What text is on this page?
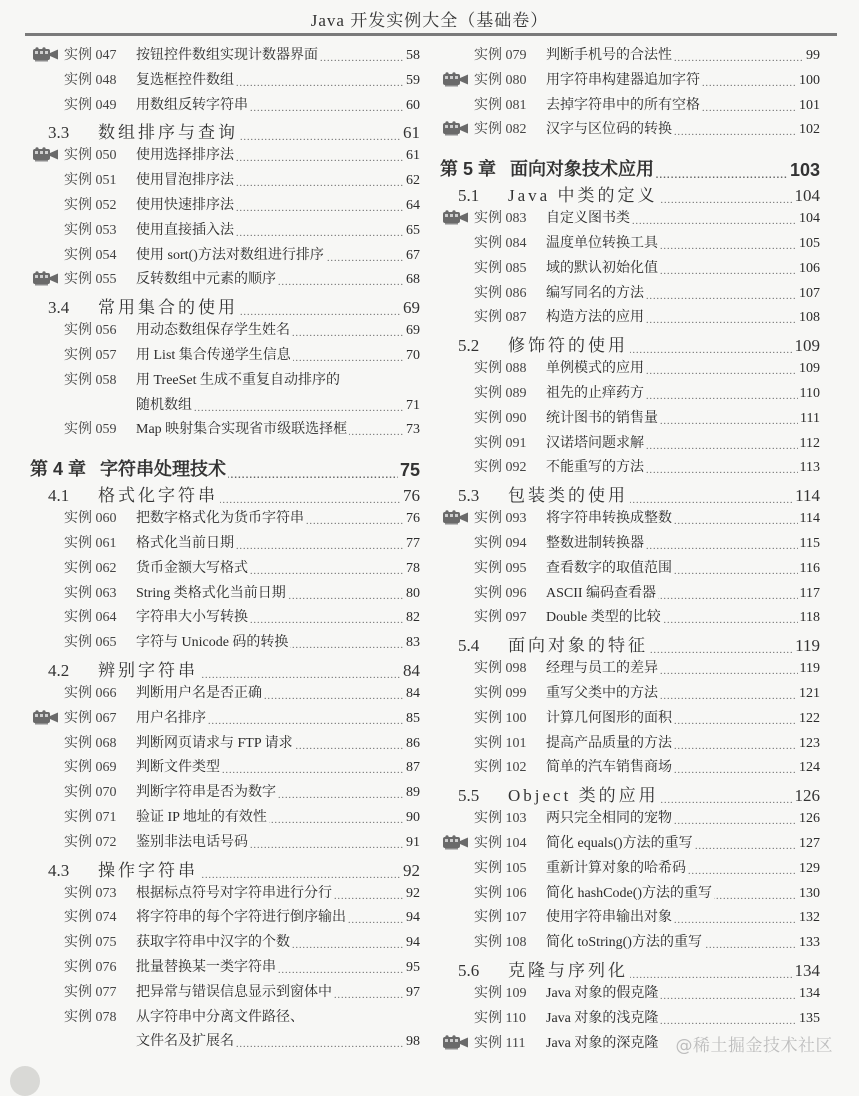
Java 开发实例大全（基础卷）
实例 047	按钮控件数组实现计数器界面 .....	58
实例 048	复选框控件数组 .....	59
实例 049	用数组反转字符串 .....	60
3.3	数组排序与查询 .....	61
实例 050	使用选择排序法 .....	61
实例 051	使用冒泡排序法 .....	62
实例 052	使用快速排序法 .....	64
实例 053	使用直接插入法 .....	65
实例 054	使用 sort()方法对数组进行排序 .....	67
实例 055	反转数组中元素的顺序 .....	68
3.4	常用集合的使用 .....	69
实例 056	用动态数组保存学生姓名 .....	69
实例 057	用 List 集合传递学生信息 .....	70
实例 058	用 TreeSet 生成不重复自动排序的
随机数组 .....	71
实例 059	Map 映射集合实现省市级联选择框 .....	73
第 4 章 字符串处理技术 .....	75
4.1	格式化字符串 .....	76
实例 060	把数字格式化为货币字符串 .....	76
实例 061	格式化当前日期 .....	77
实例 062	货币金额大写格式 .....	78
实例 063	String 类格式化当前日期 .....	80
实例 064	字符串大小写转换 .....	82
实例 065	字符与 Unicode 码的转换 .....	83
4.2	辨别字符串 .....	84
实例 066	判断用户名是否正确 .....	84
实例 067	用户名排序 .....	85
实例 068	判断网页请求与 FTP 请求 .....	86
实例 069	判断文件类型 .....	87
实例 070	判断字符串是否为数字 .....	89
实例 071	验证 IP 地址的有效性 .....	90
实例 072	鉴别非法电话号码 .....	91
4.3	操作字符串 .....	92
实例 073	根据标点符号对字符串进行分行 .....	92
实例 074	将字符串的每个字符进行倒序输出 .....	94
实例 075	获取字符串中汉字的个数 .....	94
实例 076	批量替换某一类字符串 .....	95
实例 077	把异常与错误信息显示到窗体中 .....	97
实例 078	从字符串中分离文件路径、
文件名及扩展名 .....	98
实例 079	判断手机号的合法性 .....	99
实例 080	用字符串构建器追加字符 .....	100
实例 081	去掉字符串中的所有空格 .....	101
实例 082	汉字与区位码的转换 .....	102
第 5 章 面向对象技术应用 .....	103
5.1	Java 中类的定义 .....	104
实例 083	自定义图书类 .....	104
实例 084	温度单位转换工具 .....	105
实例 085	域的默认初始化值 .....	106
实例 086	编写同名的方法 .....	107
实例 087	构造方法的应用 .....	108
5.2	修饰符的使用 .....	109
实例 088	单例模式的应用 .....	109
实例 089	祖先的止痒药方 .....	110
实例 090	统计图书的销售量 .....	111
实例 091	汉诺塔问题求解 .....	112
实例 092	不能重写的方法 .....	113
5.3	包装类的使用 .....	114
实例 093	将字符串转换成整数 .....	114
实例 094	整数进制转换器 .....	115
实例 095	查看数字的取值范围 .....	116
实例 096	ASCII 编码查看器 .....	117
实例 097	Double 类型的比较 .....	118
5.4	面向对象的特征 .....	119
实例 098	经理与员工的差异 .....	119
实例 099	重写父类中的方法 .....	121
实例 100	计算几何图形的面积 .....	122
实例 101	提高产品质量的方法 .....	123
实例 102	简单的汽车销售商场 .....	124
5.5	Object 类的应用 .....	126
实例 103	两只完全相同的宠物 .....	126
实例 104	简化 equals()方法的重写 .....	127
实例 105	重新计算对象的哈希码 .....	129
实例 106	简化 hashCode()方法的重写 .....	130
实例 107	使用字符串输出对象 .....	132
实例 108	简化 toString()方法的重写 .....	133
5.6	克隆与序列化 .....	134
实例 109	Java 对象的假克隆 .....	134
实例 110	Java 对象的浅克隆 .....	135
实例 111	Java 对象的深克隆 @稀土掘金技术社区
